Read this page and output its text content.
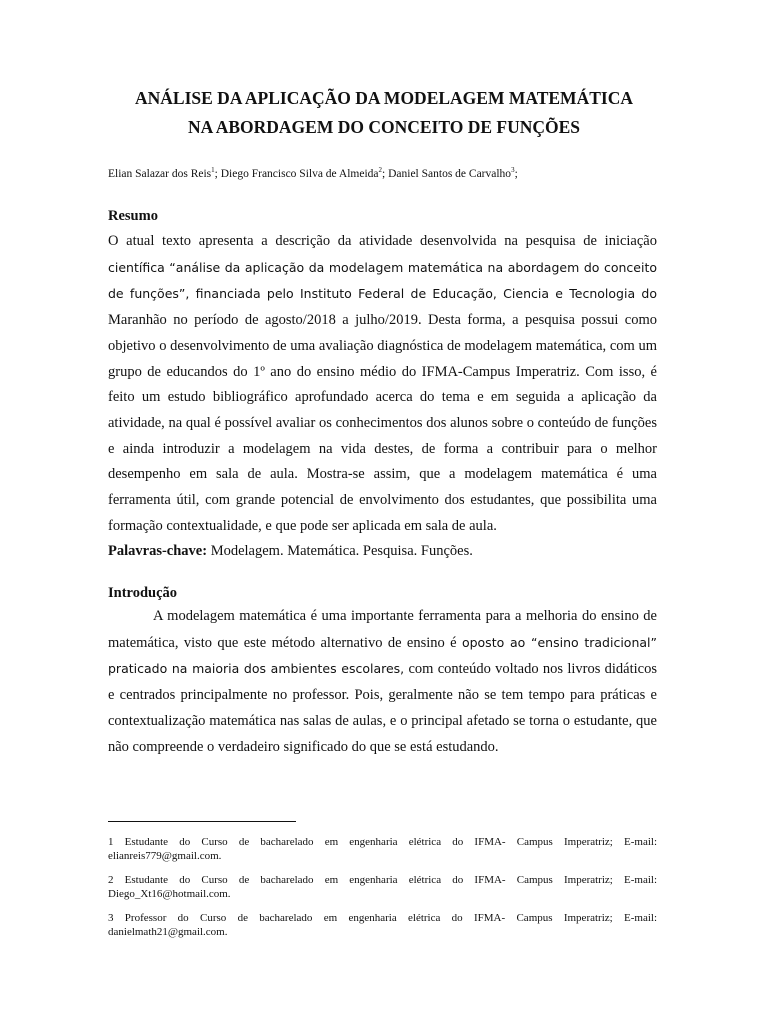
ANÁLISE DA APLICAÇÃO DA MODELAGEM MATEMÁTICA
NA ABORDAGEM DO CONCEITO DE FUNÇÕES
Elian Salazar dos Reis$^1$; Diego Francisco Silva de Almeida$^2$; Daniel Santos de Carvalho$^3$;
Resumo

O atual texto apresenta a descrição da atividade desenvolvida na pesquisa de iniciação científica “análise da aplicação da modelagem matemática na abordagem do conceito de funções”, financiada pelo Instituto Federal de Educação, Ciencia e Tecnologia do Maranhão no período de agosto/2018 a julho/2019. Desta forma, a pesquisa possui como objetivo o desenvolvimento de uma avaliação diagnóstica de modelagem matemática, com um grupo de educandos do 1º ano do ensino médio do IFMA-Campus Imperatriz. Com isso, é feito um estudo bibliográfico aprofundado acerca do tema e em seguida a aplicação da atividade, na qual é possível avaliar os conhecimentos dos alunos sobre o conteúdo de funções e ainda introduzir a modelagem na vida destes, de forma a contribuir para o melhor desempenho em sala de aula. Mostra-se assim, que a modelagem matemática é uma ferramenta útil, com grande potencial de envolvimento dos estudantes, que possibilita uma formação contextualidade, e que pode ser aplicada em sala de aula.
Palavras-chave: Modelagem. Matemática. Pesquisa. Funções.

Introdução

A modelagem matemática é uma importante ferramenta para a melhoria do ensino de matemática, visto que este método alternativo de ensino é oposto ao “ensino tradicional” praticado na maioria dos ambientes escolares, com conteúdo voltado nos livros didáticos e centrados principalmente no professor. Pois, geralmente não se tem tempo para práticas e contextualização matemática nas salas de aulas, e o principal afetado se torna o estudante, que não compreende o verdadeiro significado do que se está estudando.

1 Estudante do Curso de bacharelado em engenharia elétrica do IFMA- Campus Imperatriz; E-mail: elianreis779@gmail.com.
2 Estudante do Curso de bacharelado em engenharia elétrica do IFMA- Campus Imperatriz; E-mail: Diego_Xt16@hotmail.com.
3 Professor do Curso de bacharelado em engenharia elétrica do IFMA- Campus Imperatriz; E-mail: danielmath21@gmail.com.
